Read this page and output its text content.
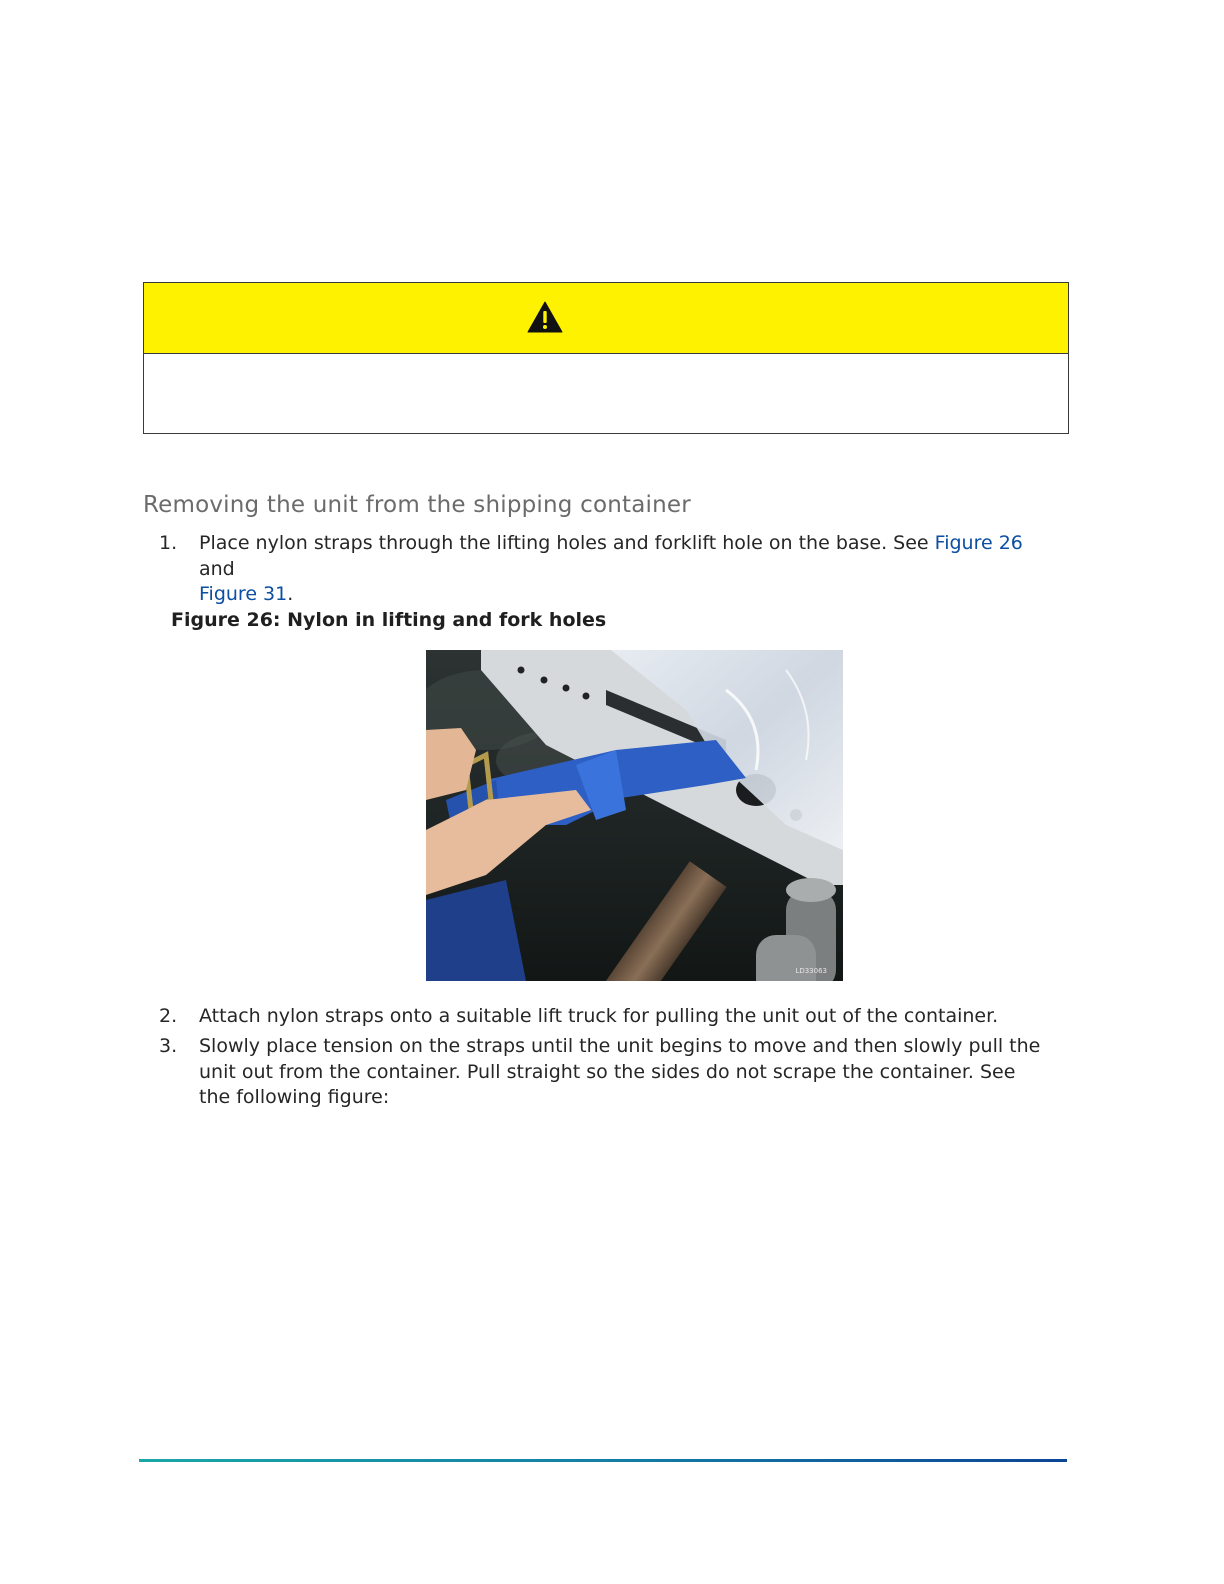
Removing the unit from the shipping container
1. Place nylon straps through the lifting holes and forklift hole on the base. See Figure 26 and
Figure 31.

Figure 26: Nylon in lifting and fork holes

LD33063
2. Attach nylon straps onto a suitable lift truck for pulling the unit out of the container.
3. Slowly place tension on the straps until the unit begins to move and then slowly pull the unit out from the container. Pull straight so the sides do not scrape the container. See the following figure:
